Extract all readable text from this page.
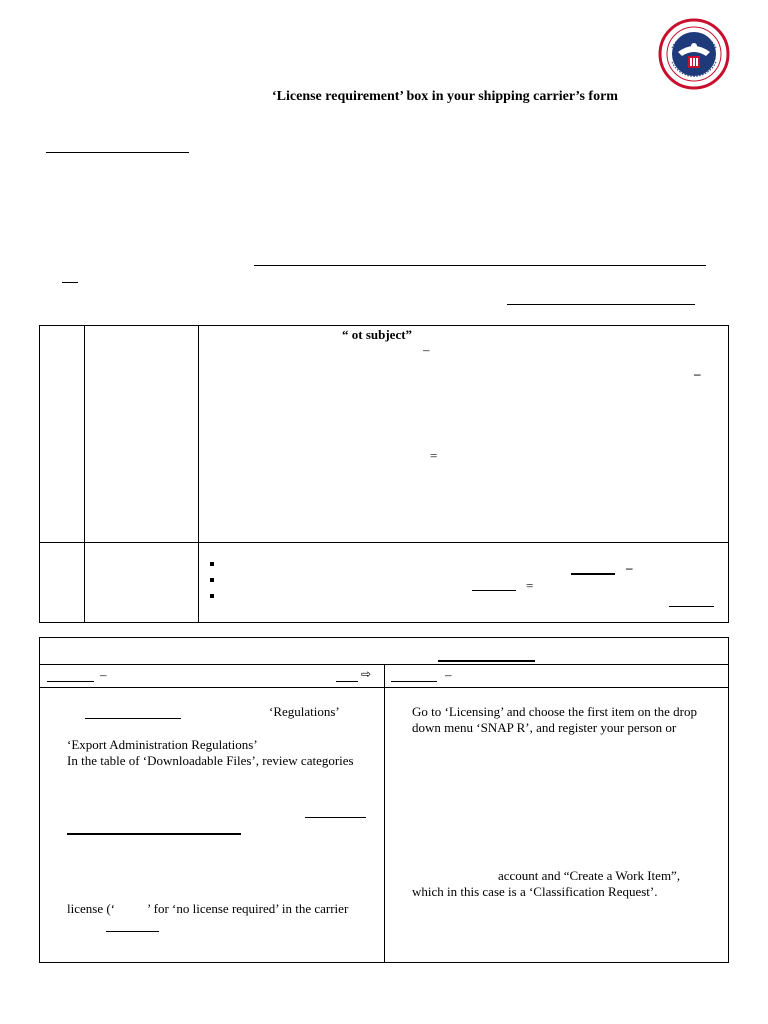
‘License requirement’ box in your shipping carrier’s form
“ ot subject”
–
–
=
–
=
–	⇨	–
‘Regulations’
‘Export Administration Regulations’
In the table of ‘Downloadable Files’, review categories
license (‘ ’ for ‘no license required’ in the carrier
Go to ‘Licensing’ and choose the first item on the drop
down menu ‘SNAP R’, and register your person or
account and “Create a Work Item”,
which in this case is a ‘Classification Request’.
